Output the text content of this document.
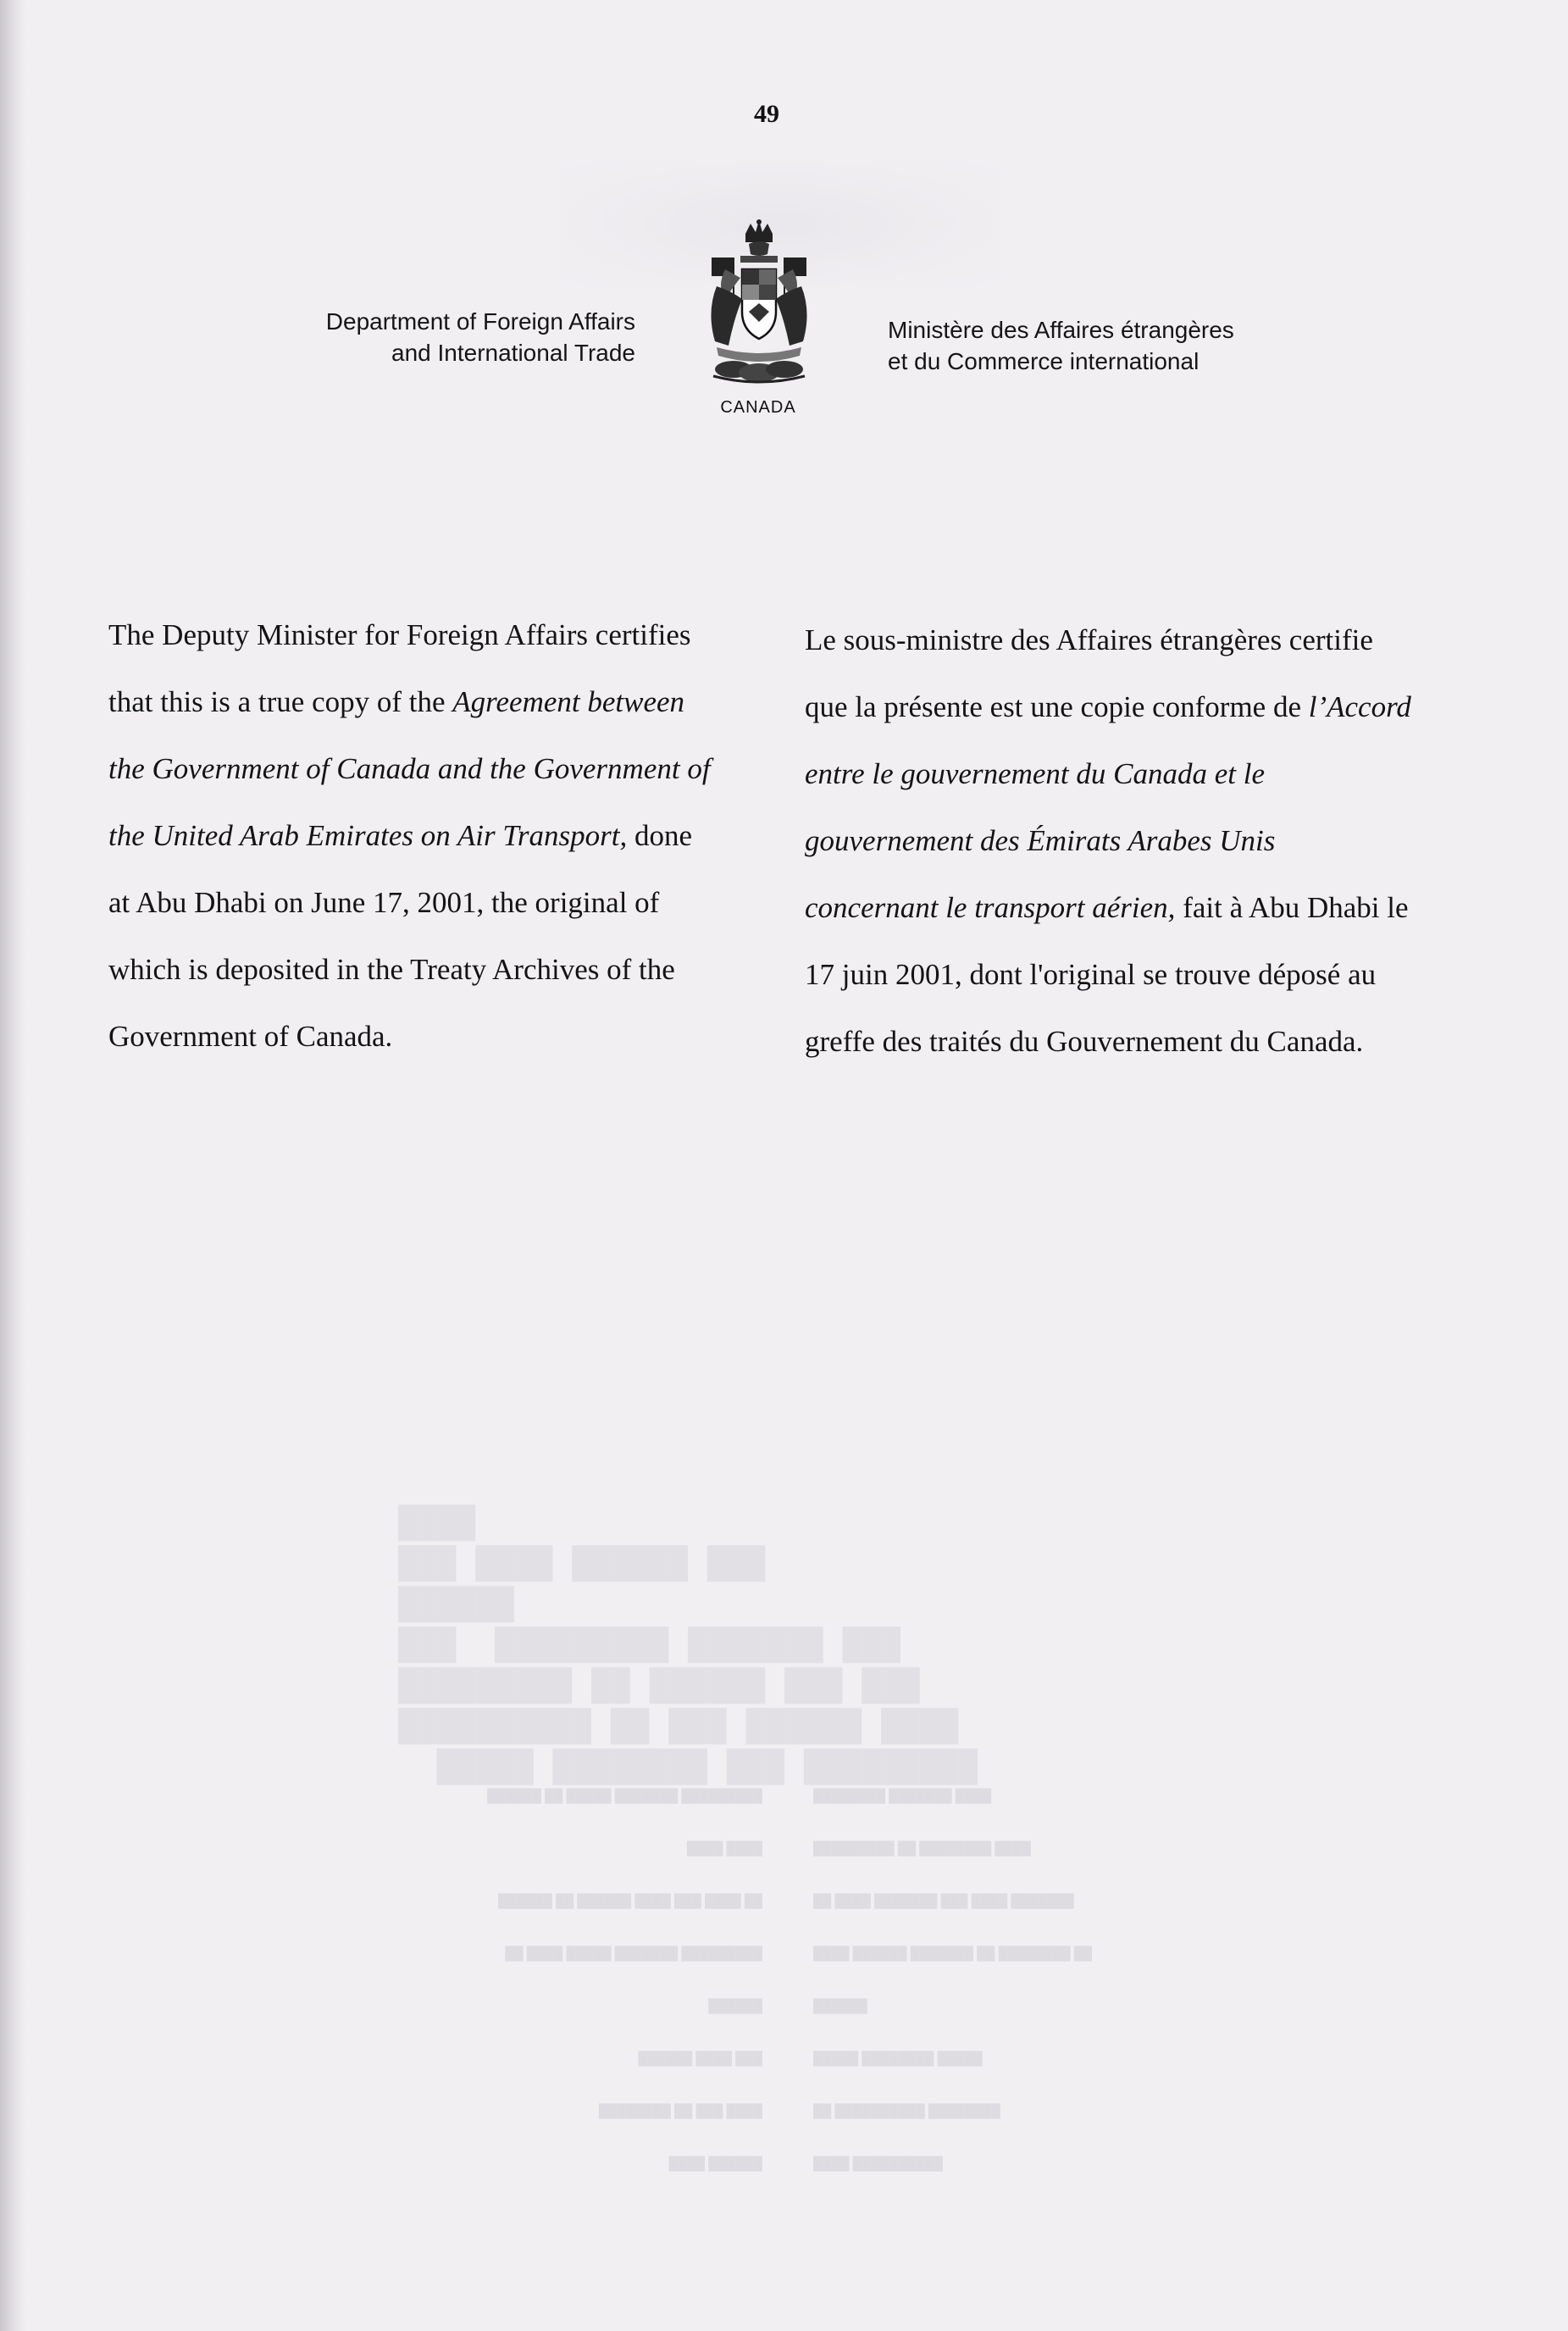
49
Department of Foreign Affairs
and International Trade
CANADA
Ministère des Affaires étrangères
et du Commerce international

The Deputy Minister for Foreign Affairs certifies that this is a true copy of the Agreement between the Government of Canada and the Government of the United Arab Emirates on Air Transport, done at Abu Dhabi on June 17, 2001, the original of which is deposited in the Treaty Archives of the Government of Canada.

Le sous-ministre des Affaires étrangères certifie que la présente est une copie conforme de l’Accord entre le gouvernement du Canada et le gouvernement des Émirats Arabes Unis concernant le transport aérien, fait à Abu Dhabi le 17 juin 2001, dont l'original se trouve déposé au greffe des traités du Gouvernement du Canada.

████
███ ████ ██████ ███
██████
███  █████████ ███████ ███
█████████ ██ ██████ ███ ███
██████████ ██ ███ ██████ ████
█████ ████████ ███ █████████
██████ ██ █████ ███████ █████████
████ ████
██████ ██ ██████ ████ ███ ████ ██
██ ████ █████ ███████ █████████
██████
██████ ████ ███
████████ ██ ███ ████
████ ██████
████████ ███████ ████
█████████ ██ ████████ ████
██ ████ ███████ ███ ████ ███████
████ ██████ ███████ ██ ████████ ██
██████
█████ ████████ █████
██ ██████████ ████████
████ ██████████
